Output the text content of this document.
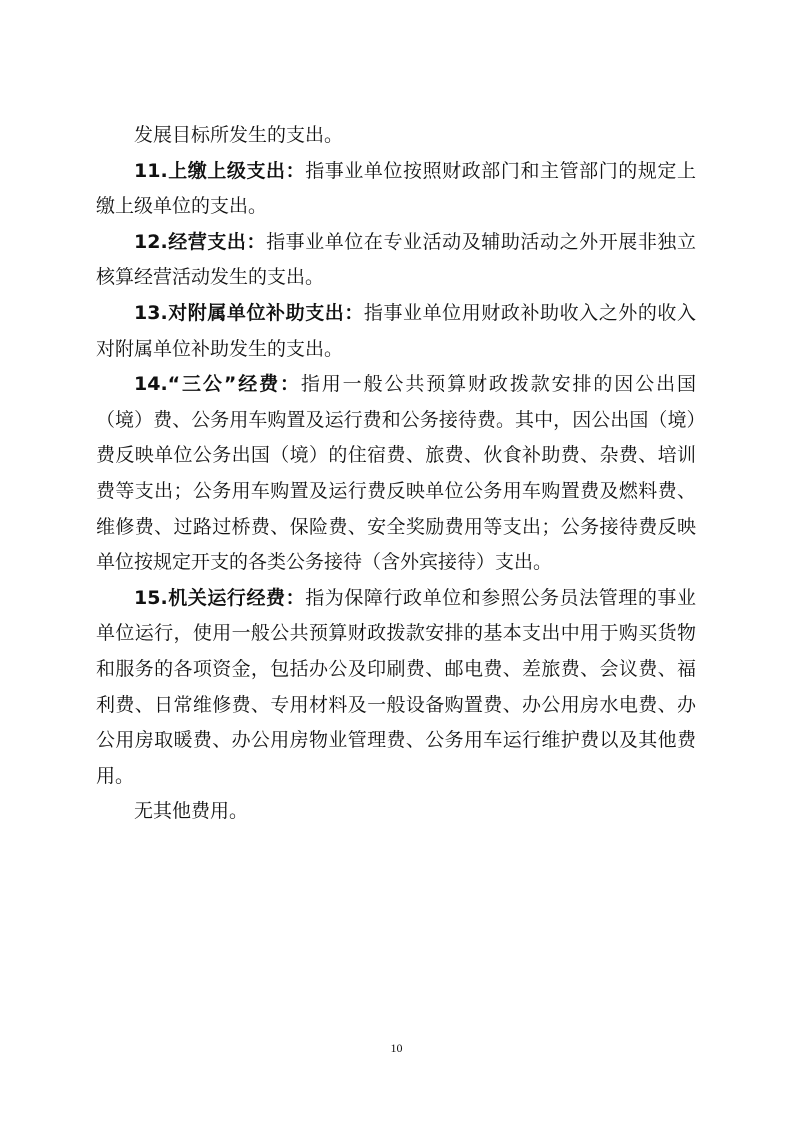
发展目标所发生的支出。

11.上缴上级支出：指事业单位按照财政部门和主管部门的规定上缴上级单位的支出。

12.经营支出：指事业单位在专业活动及辅助活动之外开展非独立核算经营活动发生的支出。

13.对附属单位补助支出：指事业单位用财政补助收入之外的收入对附属单位补助发生的支出。

14.“三公”经费：指用一般公共预算财政拨款安排的因公出国（境）费、公务用车购置及运行费和公务接待费。其中，因公出国（境）费反映单位公务出国（境）的住宿费、旅费、伙食补助费、杂费、培训费等支出；公务用车购置及运行费反映单位公务用车购置费及燃料费、维修费、过路过桥费、保险费、安全奖励费用等支出；公务接待费反映单位按规定开支的各类公务接待（含外宾接待）支出。

15.机关运行经费：指为保障行政单位和参照公务员法管理的事业单位运行，使用一般公共预算财政拨款安排的基本支出中用于购买货物和服务的各项资金，包括办公及印刷费、邮电费、差旅费、会议费、福利费、日常维修费、专用材料及一般设备购置费、办公用房水电费、办公用房取暖费、办公用房物业管理费、公务用车运行维护费以及其他费用。

无其他费用。

10
